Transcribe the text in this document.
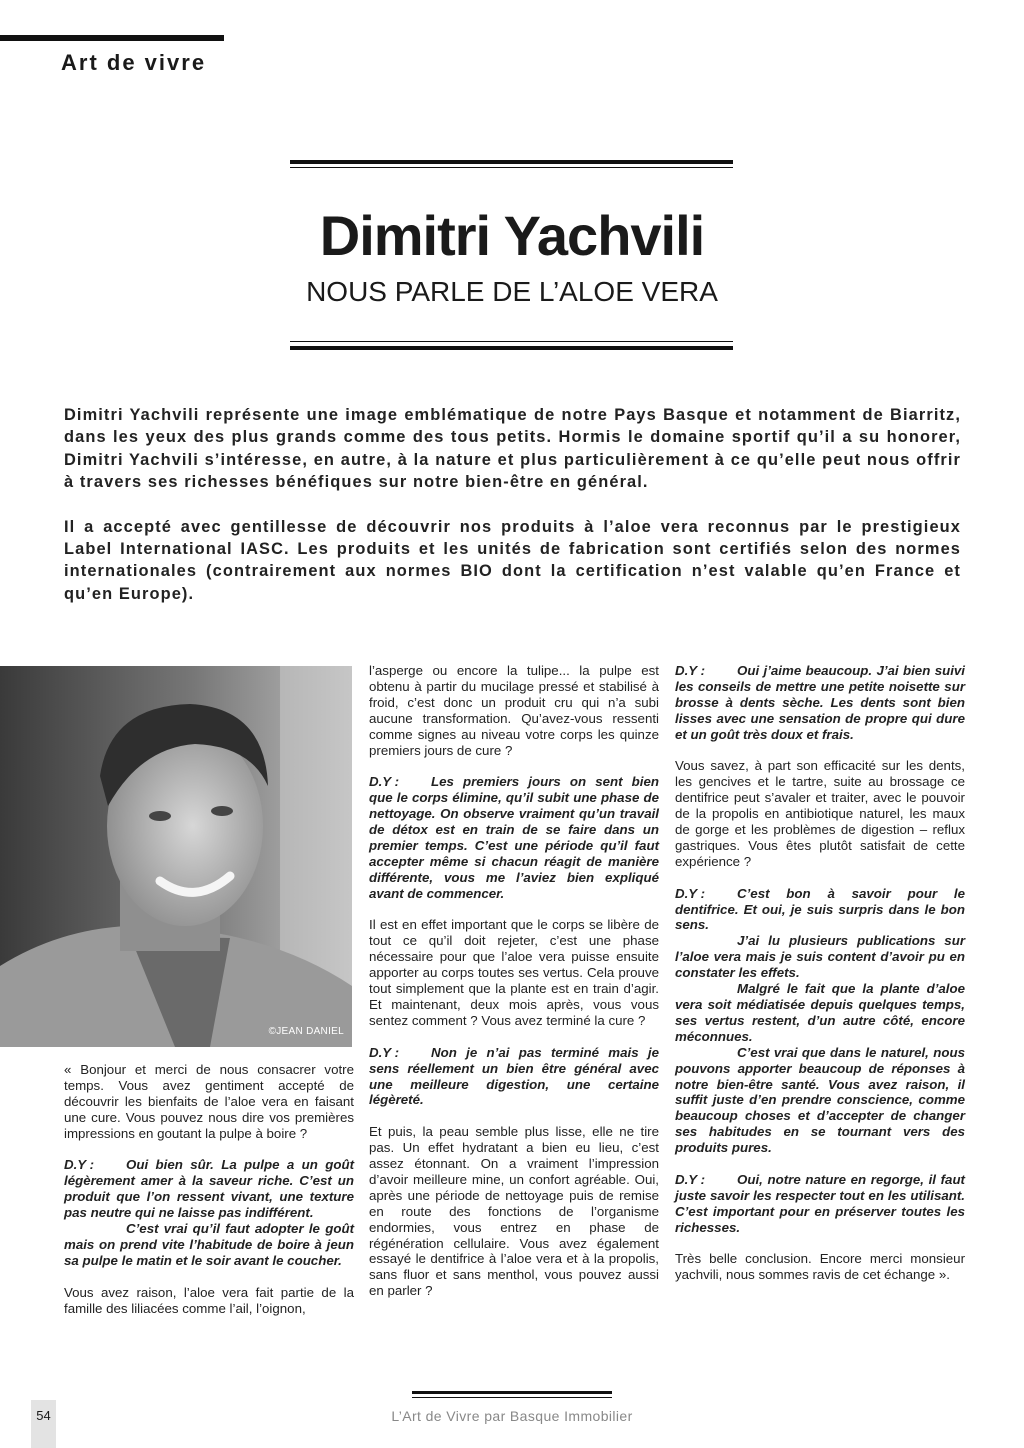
Art de vivre
Dimitri Yachvili
NOUS PARLE DE L’ALOE VERA

Dimitri Yachvili représente une image emblématique de notre Pays Basque et notamment de Biarritz, dans les yeux des plus grands comme des tous petits. Hormis le domaine sportif qu’il a su honorer, Dimitri Yachvili s’intéresse, en autre, à la nature et plus particulièrement à ce qu’elle peut nous offrir à travers ses richesses bénéfiques sur notre bien-être en général.

Il a accepté avec gentillesse de découvrir nos produits à l’aloe vera reconnus par le prestigieux Label International IASC. Les produits et les unités de fabrication sont certifiés selon des normes internationales (contrairement aux normes BIO dont la certification n’est valable qu’en France et qu’en Europe).

©JEAN DANIEL

« Bonjour et merci de nous consacrer votre temps. Vous avez gentiment accepté de découvrir les bienfaits de l’aloe vera en faisant une cure. Vous pouvez nous dire vos premières impressions en goutant la pulpe à boire ?

D.Y : Oui bien sûr. La pulpe a un goût légèrement amer à la saveur riche. C’est un produit que l’on ressent vivant, une texture pas neutre qui ne laisse pas indifférent.

C’est vrai qu’il faut adopter le goût mais on prend vite l’habitude de boire à jeun sa pulpe le matin et le soir avant le coucher.

Vous avez raison, l’aloe vera fait partie de la famille des liliacées comme l’ail, l’oignon,

l’asperge ou encore la tulipe... la pulpe est obtenu à partir du mucilage pressé et stabilisé à froid, c’est donc un produit cru qui n’a subi aucune transformation. Qu’avez-vous ressenti comme signes au niveau votre corps les quinze premiers jours de cure ?

D.Y : Les premiers jours on sent bien que le corps élimine, qu’il subit une phase de nettoyage. On observe vraiment qu’un travail de détox est en train de se faire dans un premier temps. C’est une période qu’il faut accepter même si chacun réagit de manière différente, vous me l’aviez bien expliqué avant de commencer.

Il est en effet important que le corps se libère de tout ce qu’il doit rejeter, c’est une phase nécessaire pour que l’aloe vera puisse ensuite apporter au corps toutes ses vertus. Cela prouve tout simplement que la plante est en train d’agir. Et maintenant, deux mois après, vous vous sentez comment ? Vous avez terminé la cure ?

D.Y : Non je n’ai pas terminé mais je sens réellement un bien être général avec une meilleure digestion, une certaine légèreté.

Et puis, la peau semble plus lisse, elle ne tire pas. Un effet hydratant a bien eu lieu, c’est assez étonnant. On a vraiment l’impression d’avoir meilleure mine, un confort agréable. Oui, après une période de nettoyage puis de remise en route des fonctions de l’organisme endormies, vous entrez en phase de régénération cellulaire. Vous avez également essayé le dentifrice à l’aloe vera et à la propolis, sans fluor et sans menthol, vous pouvez aussi en parler ?

D.Y : Oui j’aime beaucoup. J’ai bien suivi les conseils de mettre une petite noisette sur brosse à dents sèche. Les dents sont bien lisses avec une sensation de propre qui dure et un goût très doux et frais.

Vous savez, à part son efficacité sur les dents, les gencives et le tartre, suite au brossage ce dentifrice peut s’avaler et traiter, avec le pouvoir de la propolis en antibiotique naturel, les maux de gorge et les problèmes de digestion – reflux gastriques. Vous êtes plutôt satisfait de cette expérience ?

D.Y : C’est bon à savoir pour le dentifrice. Et oui, je suis surpris dans le bon sens.

J’ai lu plusieurs publications sur l’aloe vera mais je suis content d’avoir pu en constater les effets.

Malgré le fait que la plante d’aloe vera soit médiatisée depuis quelques temps, ses vertus restent, d’un autre côté, encore méconnues.

C’est vrai que dans le naturel, nous pouvons apporter beaucoup de réponses à notre bien-être santé. Vous avez raison, il suffit juste d’en prendre conscience, comme beaucoup choses et d’accepter de changer ses habitudes en se tournant vers des produits pures.

D.Y : Oui, notre nature en regorge, il faut juste savoir les respecter tout en les utilisant. C’est important pour en préserver toutes les richesses.

Très belle conclusion. Encore merci monsieur yachvili, nous sommes ravis de cet échange ».

54	L’Art de Vivre par Basque Immobilier
